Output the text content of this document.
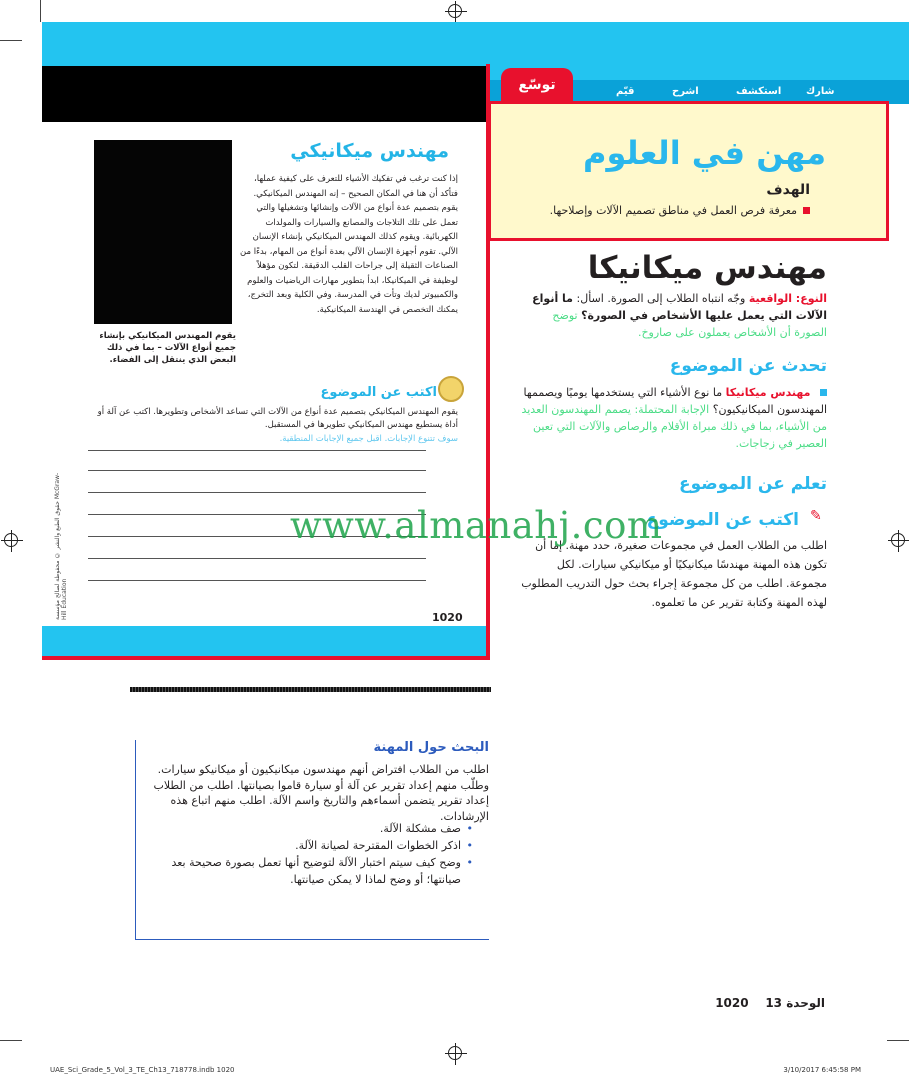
توسّع	قيّم	اشرح	استكشف شارك
مهن في العلوم
الهدف
معرفة فرص العمل في مناطق تصميم الآلات وإصلاحها.
مهندس ميكانيكي
يقوم المهندس الميكانيكي بإنشاء جميع أنواع الآلات – بما في ذلك البعض الذي ينتقل إلى الفضاء.
إذا كنت ترغب في تفكيك الأشياء للتعرف على كيفية عملها، فتأكد أن هنا في المكان الصحيح – إنه المهندس الميكانيكي. يقوم بتصميم عدة أنواع من الآلات وإنشائها وتشغيلها والتي تعمل على تلك التلاجات والمصانع والسيارات والمولدات الكهربائية. ويقوم كذلك المهندس الميكانيكي بإنشاء الإنسان الآلي. تقوم أجهزة الإنسان الآلي بعدة أنواع من المهام، بدءًا من الصناعات الثقيلة إلى جراحات القلب الدقيقة. لتكون مؤهلاً لوظيفة في الميكانيكا، ابدأ بتطوير مهارات الرياضيات والعلوم والكمبيوتر لديك وتأت في المدرسة. وفي الكلية وبعد التخرج، يمكنك التخصص في الهندسة الميكانيكية.
اكتب عن الموضوع
يقوم المهندس الميكانيكي بتصميم عدة أنواع من الآلات التي تساعد الأشخاص وتطويرها. اكتب عن آلة أو أداة يستطيع مهندس الميكانيكي تطويرها في المستقبل.
سوف تتنوع الإجابات. اقبل جميع الإجابات المنطقية.
حقوق الطبع والنشر © محفوظة لصالح مؤسسة McGraw-Hill Education	1020
مهندس ميكانيكا
النوع: الواقعية وجّه انتباه الطلاب إلى الصورة. اسأل: ما أنواع الآلات التي يعمل عليها الأشخاص في الصورة؟ توضح الصورة أن الأشخاص يعملون على صاروخ.
تحدث عن الموضوع
مهندس ميكانيكا ما نوع الأشياء التي يستخدمها يوميًا ويصممها المهندسون الميكانيكيون؟ الإجابة المحتملة: يصمم المهندسون العديد من الأشياء، بما في ذلك مبراة الأقلام والرصاص والآلات التي تعين العصير في زجاجات.
تعلم عن الموضوع
✎
اكتب عن الموضوع
اطلب من الطلاب العمل في مجموعات صغيرة، حدد مهنة. إما أن تكون هذه المهنة مهندسًا ميكانيكيًا أو ميكانيكي سيارات. لكل مجموعة. اطلب من كل مجموعة إجراء بحث حول التدريب المطلوب لهذه المهنة وكتابة تقرير عن ما تعلموه.
www.almanahj.com
البحث حول المهنة
اطلب من الطلاب افتراض أنهم مهندسون ميكانيكيون أو ميكانيكو سيارات. وطلّب منهم إعداد تقرير عن آلة أو سيارة قاموا بصيانتها. اطلب من الطلاب إعداد تقرير يتضمن أسماءهم والتاريخ واسم الآلة. اطلب منهم اتباع هذه الإرشادات.
• صف مشكلة الآلة.
• اذكر الخطوات المقترحة لصيانة الآلة.
• وضح كيف سيتم اختبار الآلة لتوضيح أنها تعمل بصورة صحيحة بعد صيانتها؛ أو وضح لماذا لا يمكن صيانتها.
الوحدة 13    1020
UAE_Sci_Grade_5_Vol_3_TE_Ch13_718778.indb 1020	3/10/2017 6:45:58 PM
